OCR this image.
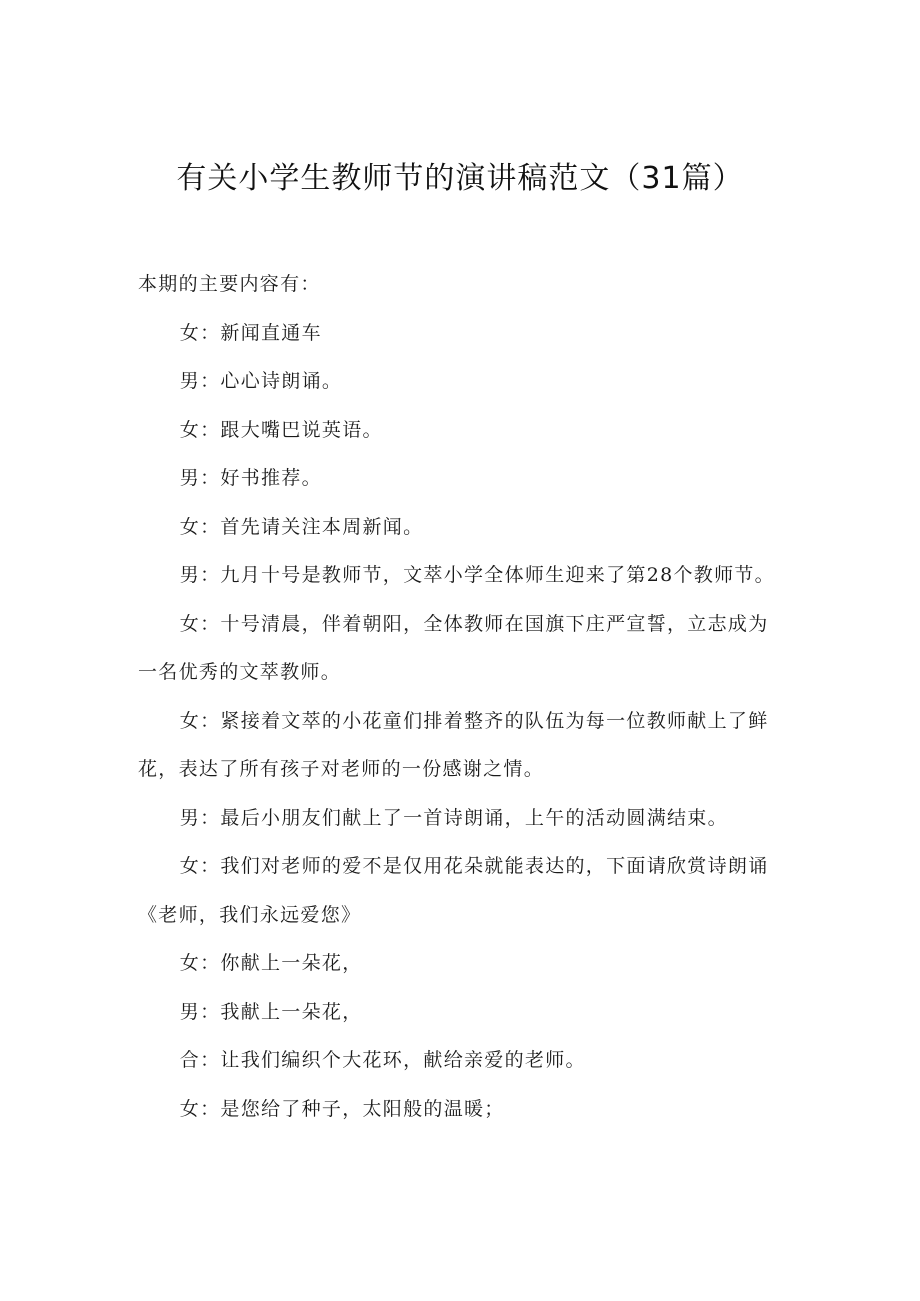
有关小学生教师节的演讲稿范文（31篇）

本期的主要内容有：

女：新闻直通车

男：心心诗朗诵。

女：跟大嘴巴说英语。

男：好书推荐。

女：首先请关注本周新闻。

男：九月十号是教师节，文萃小学全体师生迎来了第28个教师节。

女：十号清晨，伴着朝阳，全体教师在国旗下庄严宣誓，立志成为一名优秀的文萃教师。

女：紧接着文萃的小花童们排着整齐的队伍为每一位教师献上了鲜花，表达了所有孩子对老师的一份感谢之情。

男：最后小朋友们献上了一首诗朗诵，上午的活动圆满结束。

女：我们对老师的爱不是仅用花朵就能表达的，下面请欣赏诗朗诵《老师，我们永远爱您》

女：你献上一朵花，

男：我献上一朵花，

合：让我们编织个大花环，献给亲爱的老师。

女：是您给了种子，太阳般的温暖；
